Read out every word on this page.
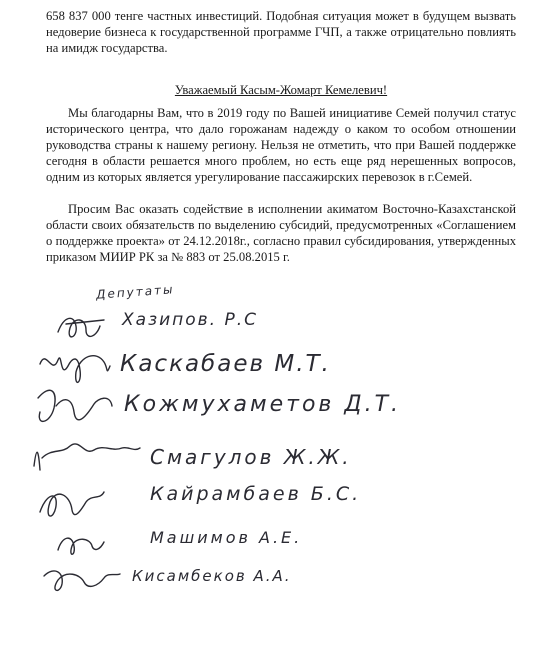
658 837 000 тенге частных инвестиций. Подобная ситуация может в будущем вызвать недоверие бизнеса к государственной программе ГЧП, а также отрицательно повлиять на имидж государства.
Уважаемый Касым-Жомарт Кемелевич!
Мы благодарны Вам, что в 2019 году по Вашей инициативе Семей получил статус исторического центра, что дало горожанам надежду о каком то особом отношении руководства страны к нашему региону. Нельзя не отметить, что при Вашей поддержке сегодня в области решается много проблем, но есть еще ряд нерешенных вопросов, одним из которых является урегулирование пассажирских перевозок в г.Семей.
Просим Вас оказать содействие в исполнении акиматом Восточно-Казахстанской области своих обязательств по выделению субсидий, предусмотренных «Соглашением о поддержке проекта» от 24.12.2018г., согласно правил субсидирования, утвержденных приказом МИИР РК за № 883 от 25.08.2015 г.
Депутаты
Хазипов. Р.С
Каскабаев М.Т.
Кожмухаметов Д.Т.
Смагулов Ж.Ж.
Кайрамбаев Б.С.
Машимов А.Е.
Кисамбеков А.А.
